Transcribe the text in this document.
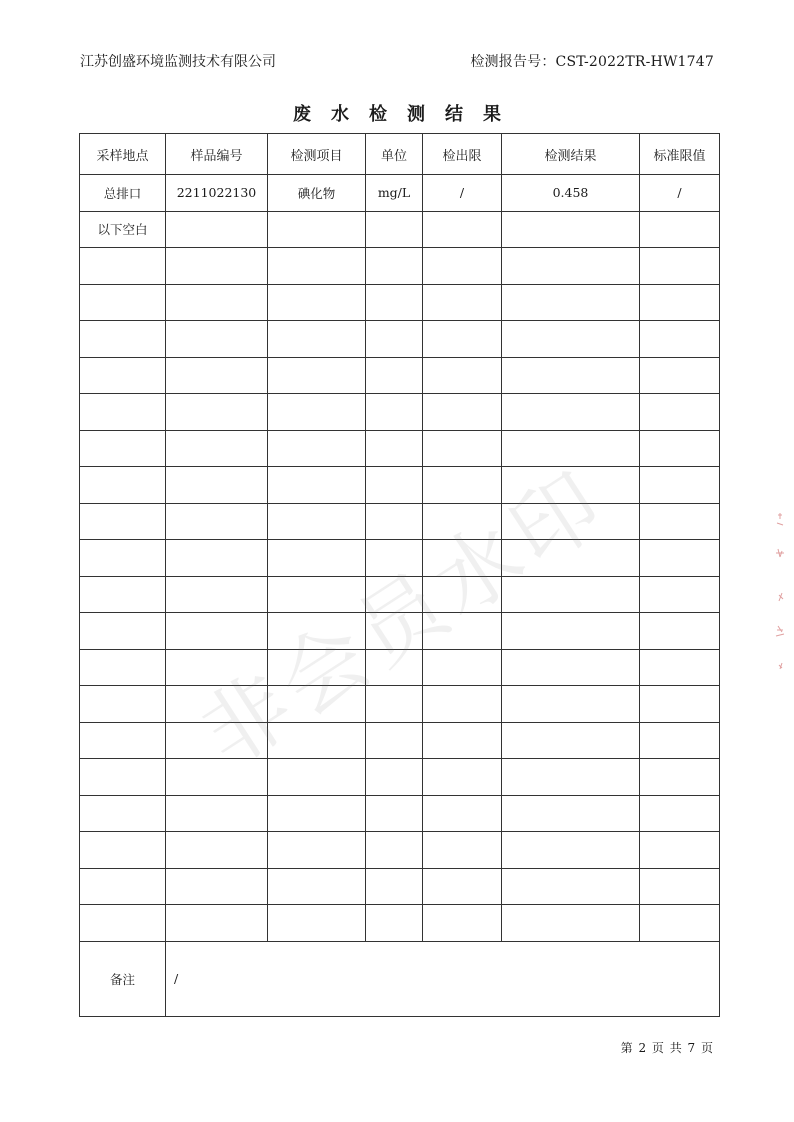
江苏创盛环境监测技术有限公司	检测报告号：CST-2022TR-HW1747
废水检测结果
采样地点	样品编号	检测项目	单位	检出限	检测结果	标准限值
总排口	2211022130	碘化物	mg/L	/	0.458	/
以下空白						

备注	/					
第 2 页 共 7 页
非会员水印
